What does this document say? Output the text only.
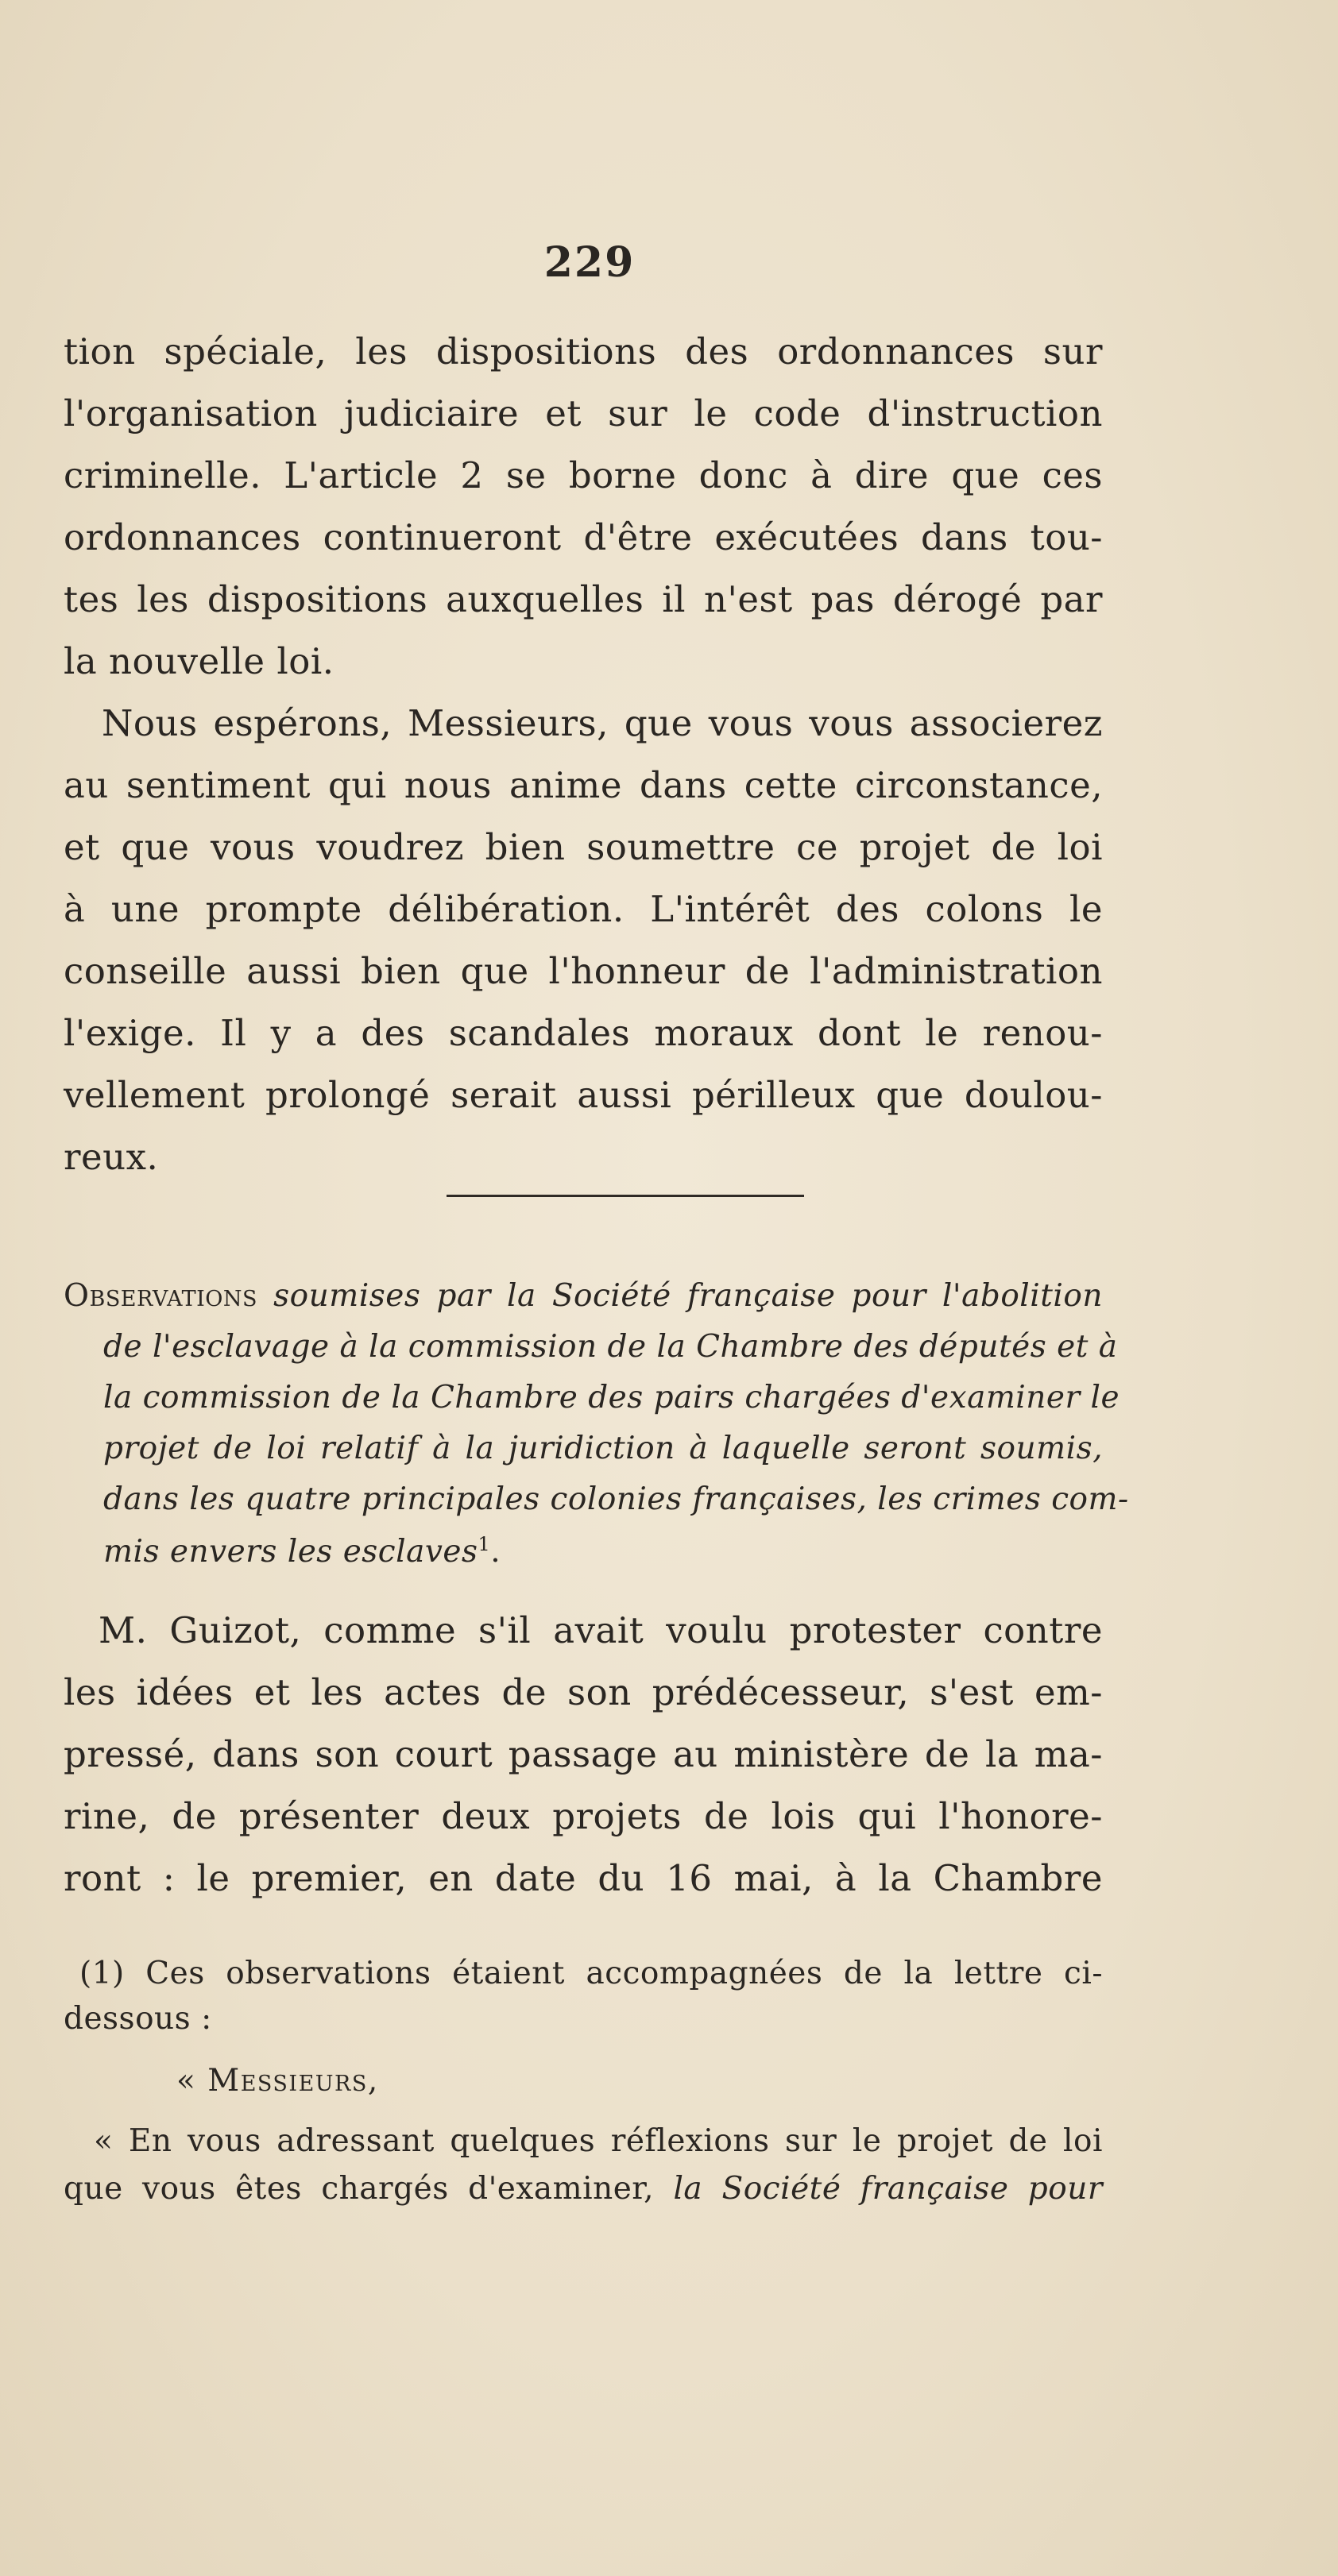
229
tion spéciale, les dispositions des ordonnances sur
l'organisation judiciaire et sur le code d'instruction
criminelle. L'article 2 se borne donc à dire que ces
ordonnances continueront d'être exécutées dans tou-
tes les dispositions auxquelles il n'est pas dérogé par
la nouvelle loi.
Nous espérons, Messieurs, que vous vous associerez
au sentiment qui nous anime dans cette circonstance,
et que vous voudrez bien soumettre ce projet de loi
à une prompte délibération. L'intérêt des colons le
conseille aussi bien que l'honneur de l'administration
l'exige. Il y a des scandales moraux dont le renou-
vellement prolongé serait aussi périlleux que doulou-
reux.
Observations soumises par la Société française pour l'abolition
de l'esclavage à la commission de la Chambre des députés et à
la commission de la Chambre des pairs chargées d'examiner le
projet de loi relatif à la juridiction à laquelle seront soumis,
dans les quatre principales colonies françaises, les crimes com-
mis envers les esclaves$^1$.
M. Guizot, comme s'il avait voulu protester contre
les idées et les actes de son prédécesseur, s'est em-
pressé, dans son court passage au ministère de la ma-
rine, de présenter deux projets de lois qui l'honore-
ront : le premier, en date du 16 mai, à la Chambre
(1) Ces observations étaient accompagnées de la lettre ci-
dessous :
« Messieurs,
« En vous adressant quelques réflexions sur le projet de loi
que vous êtes chargés d'examiner, la Société française pour
